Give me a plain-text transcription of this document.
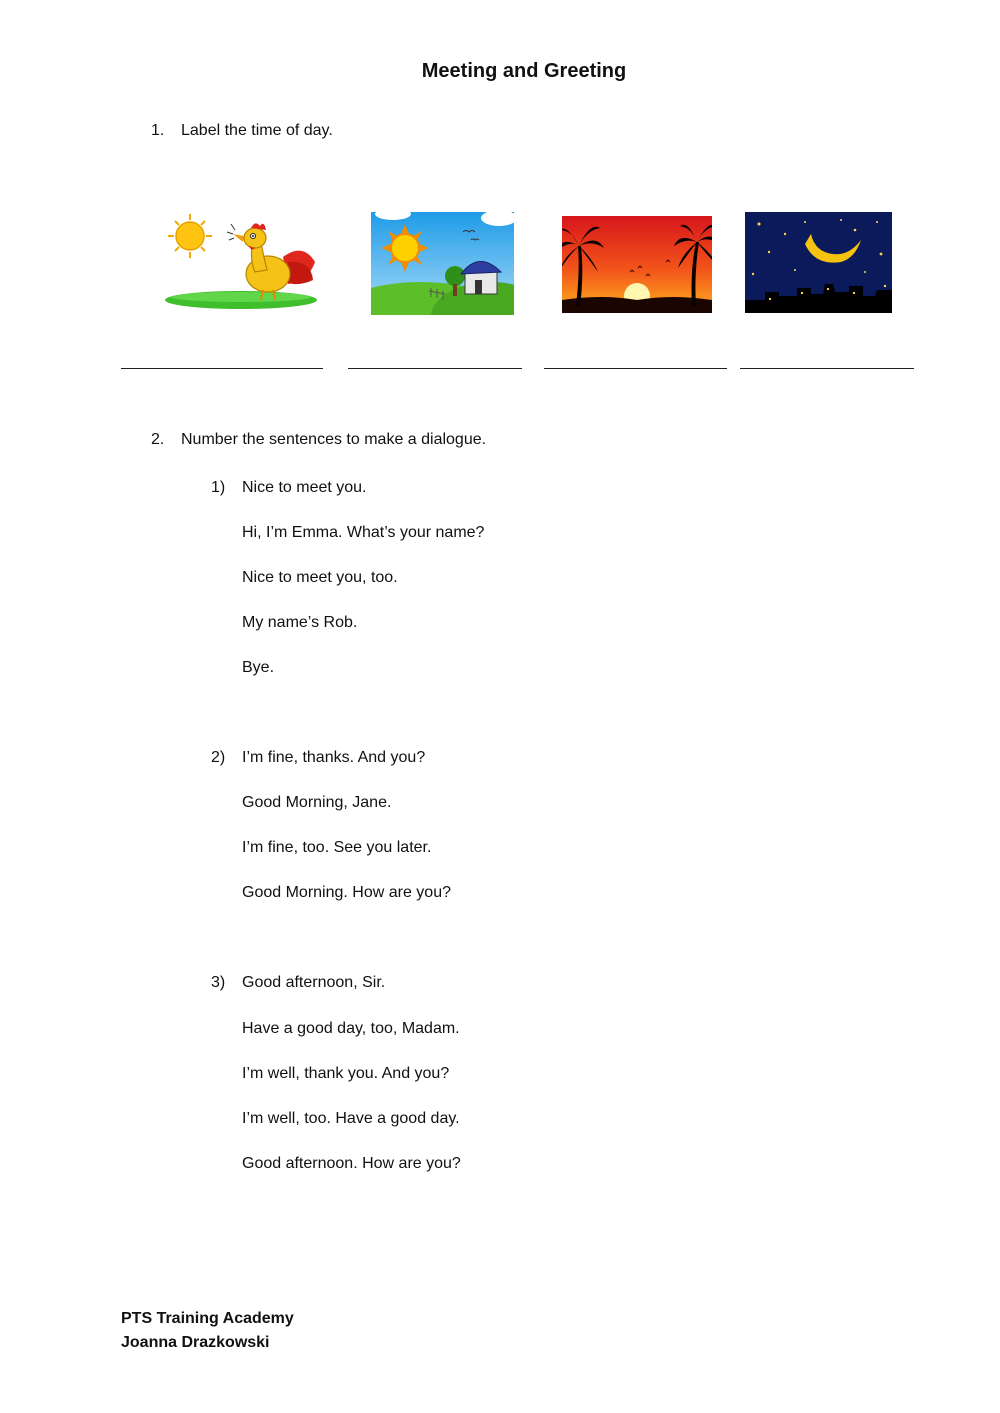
Meeting and Greeting
1. Label the time of day.
2. Number the sentences to make a dialogue.
1) Nice to meet you.
Hi, I’m Emma. What’s your name?
Nice to meet you, too.
My name’s Rob.
Bye.
2) I’m fine, thanks. And you?
Good Morning, Jane.
I’m fine, too. See you later.
Good Morning. How are you?
3) Good afternoon, Sir.
Have a good day, too, Madam.
I’m well, thank you. And you?
I’m well, too. Have a good day.
Good afternoon. How are you?
PTS Training Academy
Joanna Drazkowski
